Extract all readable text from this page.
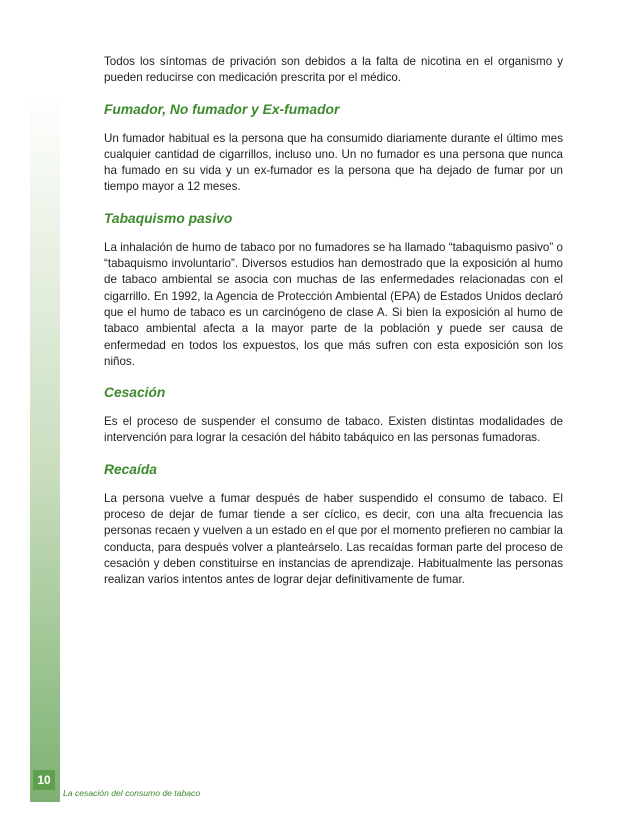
Todos los síntomas de privación son debidos a la falta de nicotina en el organismo y pueden reducirse con medicación prescrita por el médico.

Fumador, No fumador y Ex-fumador

Un fumador habitual es la persona que ha consumido diariamente durante el último mes cualquier cantidad de cigarrillos, incluso uno. Un no fumador es una persona que nunca ha fumado en su vida y un ex-fumador es la persona que ha dejado de fumar por un tiempo mayor a 12 meses.

Tabaquismo pasivo

La inhalación de humo de tabaco por no fumadores se ha llamado “tabaquismo pasivo” o “tabaquismo involuntario”. Diversos estudios han demostrado que la exposición al humo de tabaco ambiental se asocia con muchas de las enfermedades relacionadas con el cigarrillo. En 1992, la Agencia de Protección Ambiental (EPA) de Estados Unidos declaró que el humo de tabaco es un carcinógeno de clase A. Si bien la exposición al humo de tabaco ambiental afecta a la mayor parte de la población y puede ser causa de enfermedad en todos los expuestos, los que más sufren con esta exposición son los niños.

Cesación

Es el proceso de suspender el consumo de tabaco. Existen distintas modalidades de intervención para lograr la cesación del hábito tabáquico en las personas fumadoras.

Recaída

La persona vuelve a fumar después de haber suspendido el consumo de tabaco. El proceso de dejar de fumar tiende a ser cíclico, es decir, con una alta frecuencia las personas recaen y vuelven a un estado en el que por el momento prefieren no cambiar la conducta, para después volver a planteárselo. Las recaídas forman parte del proceso de cesación y deben constituirse en instancias de aprendizaje. Habitualmente las personas realizan varios intentos antes de lograr dejar definitivamente de fumar.

10
La cesación del consumo de tabaco
